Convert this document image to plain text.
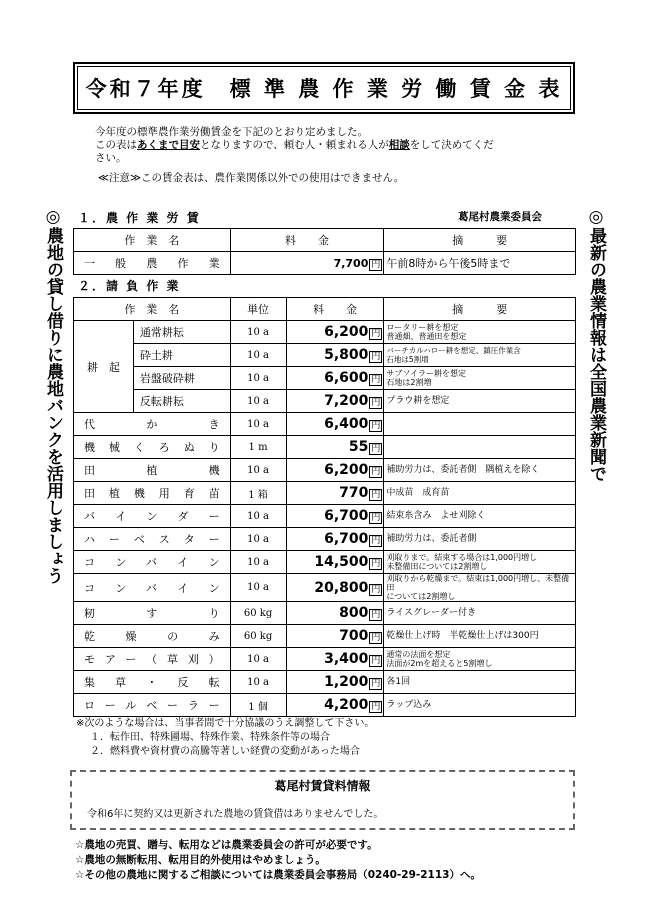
令和７年度　標 準 農 作 業 労 働 賃 金 表
今年度の標準農作業労働賃金を下記のとおり定めました。
この表はあくまで目安となりますので、頼む人・頼まれる人が相談をして決めてくだ
さい。
≪注意≫この賃金表は、農作業関係以外での使用はできません。
◎農地の貸し借りに農地バンクを活用しましょう	◎最新の農業情報は全国農業新聞で
１．農 作 業 労 賃	葛尾村農業委員会
作　業　名	料　　金	摘　　　要
一般農作業	7,700 円	午前8時から午後5時まで
２．請 負 作 業
作　業　名		単位	料　　金	摘　　　要
耕　起	通常耕耘	10 a	6,200 円	ロータリー耕を想定
普通畑、普通田を想定
	砕土耕	10 a	5,800 円	バーチカルハロー耕を想定、鎮圧作業含
石地は5割増
	岩盤破砕耕	10 a	6,600 円	サブソイラー耕を想定
石地は2割増
	反転耕耘	10 a	7,200 円	プラウ耕を想定
代かき		10 a	6,400 円	
機械くろぬり		1 m	55 円	
田植機		10 a	6,200 円	補助労力は、委託者側　隅植えを除く
田植機用育苗		1 箱	770 円	中成苗　成育苗
バインダー		10 a	6,700 円	結束糸含み　よせ刈除く
ハーベスター		10 a	6,700 円	補助労力は、委託者側
コンバイン		10 a	14,500 円	刈取りまで。結束する場合は1,000円増し
未整備田については2割増し
コンバイン		10 a	20,800 円	刈取りから乾燥まで。結束は1,000円増し、未整備田
については2割増し
籾すり		60 kg	800 円	ライスグレーダー付き
乾燥のみ		60 kg	700 円	乾燥仕上げ時　半乾燥仕上げは300円
モアー（草刈）		10 a	3,400 円	通常の法面を想定
法面が2mを超えると5割増し
集草・反転		10 a	1,200 円	各1回
ロールベーラー		1 個	4,200 円	ラップ込み
※次のような場合は、当事者間で十分協議のうえ調整して下さい。
１．転作田、特殊圃場、特殊作業、特殊条件等の場合
２．燃料費や資材費の高騰等著しい経費の変動があった場合
葛尾村賃貸料情報
令和6年に契約又は更新された農地の賃貸借はありませんでした。
☆農地の売買、贈与、転用などは農業委員会の許可が必要です。
☆農地の無断転用、転用目的外使用はやめましょう。
☆その他の農地に関するご相談については農業委員会事務局（0240-29-2113）へ。
